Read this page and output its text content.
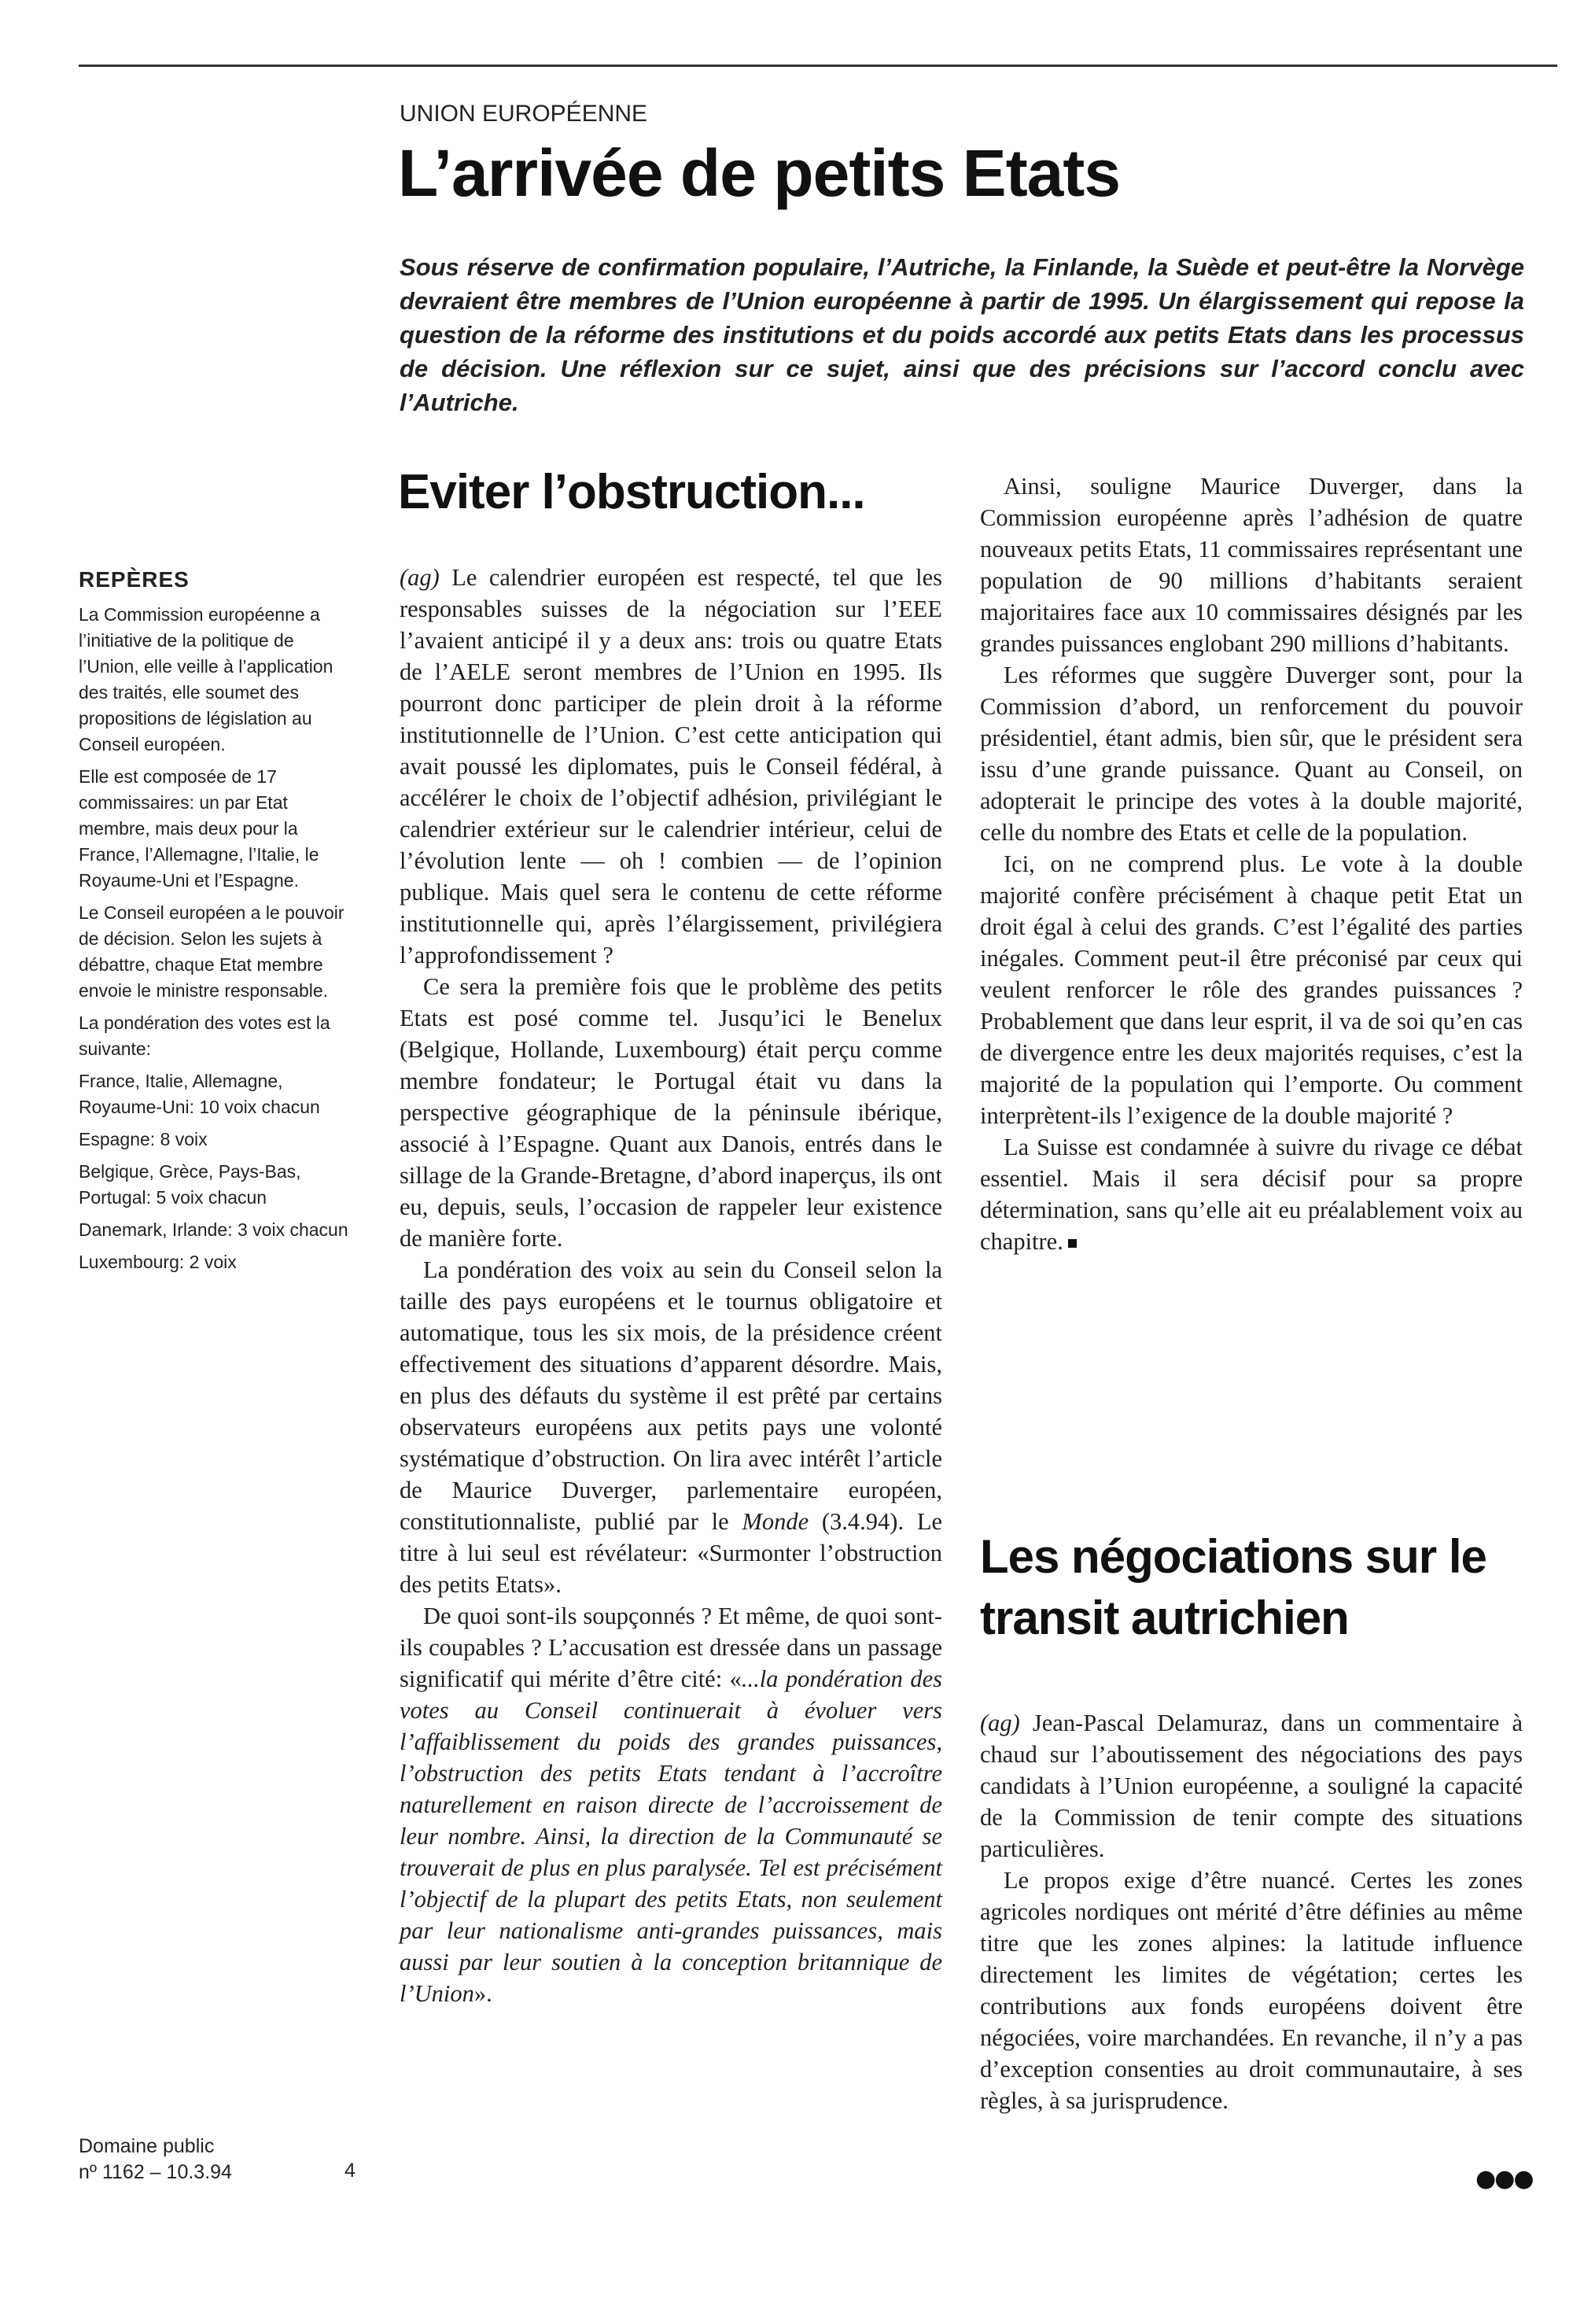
UNION EUROPÉENNE
L’arrivée de petits Etats

Sous réserve de confirmation populaire, l’Autriche, la Finlande, la Suède et peut-être la Norvège devraient être membres de l’Union européenne à partir de 1995. Un élargissement qui repose la question de la réforme des institutions et du poids accordé aux petits Etats dans les processus de décision. Une réflexion sur ce sujet, ainsi que des précisions sur l’accord conclu avec l’Autriche.

REPÈRES

La Commission européenne a l’initiative de la politique de l’Union, elle veille à l’application des traités, elle soumet des propositions de législation au Conseil européen.

Elle est composée de 17 commissaires: un par Etat membre, mais deux pour la France, l’Allemagne, l’Italie, le Royaume-Uni et l’Espagne.

Le Conseil européen a le pouvoir de décision. Selon les sujets à débattre, chaque Etat membre envoie le ministre responsable.

La pondération des votes est la suivante:

France, Italie, Allemagne, Royaume-Uni: 10 voix chacun

Espagne: 8 voix

Belgique, Grèce, Pays-Bas, Portugal: 5 voix chacun

Danemark, Irlande: 3 voix chacun

Luxembourg: 2 voix

Domaine public
nº 1162 – 10.3.94	4
Eviter l’obstruction...

(ag) Le calendrier européen est respecté, tel que les responsables suisses de la négociation sur l’EEE l’avaient anticipé il y a deux ans: trois ou quatre Etats de l’AELE seront membres de l’Union en 1995. Ils pourront donc participer de plein droit à la réforme institutionnelle de l’Union. C’est cette anticipation qui avait poussé les diplomates, puis le Conseil fédéral, à accélérer le choix de l’objectif adhésion, privilégiant le calendrier extérieur sur le calendrier intérieur, celui de l’évolution lente — oh ! combien — de l’opinion publique. Mais quel sera le contenu de cette réforme institutionnelle qui, après l’élargissement, privilégiera l’approfondissement ?

Ce sera la première fois que le problème des petits Etats est posé comme tel. Jusqu’ici le Benelux (Belgique, Hollande, Luxembourg) était perçu comme membre fondateur; le Portugal était vu dans la perspective géographique de la péninsule ibérique, associé à l’Espagne. Quant aux Danois, entrés dans le sillage de la Grande-Bretagne, d’abord inaperçus, ils ont eu, depuis, seuls, l’occasion de rappeler leur existence de manière forte.

La pondération des voix au sein du Conseil selon la taille des pays européens et le tournus obligatoire et automatique, tous les six mois, de la présidence créent effectivement des situations d’apparent désordre. Mais, en plus des défauts du système il est prêté par certains observateurs européens aux petits pays une volonté systématique d’obstruction. On lira avec intérêt l’article de Maurice Duverger, parlementaire européen, constitutionnaliste, publié par le Monde (3.4.94). Le titre à lui seul est révélateur: «Surmonter l’obstruction des petits Etats».

De quoi sont-ils soupçonnés ? Et même, de quoi sont-ils coupables ? L’accusation est dressée dans un passage significatif qui mérite d’être cité: «...la pondération des votes au Conseil continuerait à évoluer vers l’affaiblissement du poids des grandes puissances, l’obstruction des petits Etats tendant à l’accroître naturellement en raison directe de l’accroissement de leur nombre. Ainsi, la direction de la Communauté se trouverait de plus en plus paralysée. Tel est précisément l’objectif de la plupart des petits Etats, non seulement par leur nationalisme anti-grandes puissances, mais aussi par leur soutien à la conception britannique de l’Union».

Ainsi, souligne Maurice Duverger, dans la Commission européenne après l’adhésion de quatre nouveaux petits Etats, 11 commissaires représentant une population de 90 millions d’habitants seraient majoritaires face aux 10 commissaires désignés par les grandes puissances englobant 290 millions d’habitants.

Les réformes que suggère Duverger sont, pour la Commission d’abord, un renforcement du pouvoir présidentiel, étant admis, bien sûr, que le président sera issu d’une grande puissance. Quant au Conseil, on adopterait le principe des votes à la double majorité, celle du nombre des Etats et celle de la population.

Ici, on ne comprend plus. Le vote à la double majorité confère précisément à chaque petit Etat un droit égal à celui des grands. C’est l’égalité des parties inégales. Comment peut-il être préconisé par ceux qui veulent renforcer le rôle des grandes puissances ? Probablement que dans leur esprit, il va de soi qu’en cas de divergence entre les deux majorités requises, c’est la majorité de la population qui l’emporte. Ou comment interprètent-ils l’exigence de la double majorité ?

La Suisse est condamnée à suivre du rivage ce débat essentiel. Mais il sera décisif pour sa propre détermination, sans qu’elle ait eu préalablement voix au chapitre.

Les négociations sur le transit autrichien

(ag) Jean-Pascal Delamuraz, dans un commentaire à chaud sur l’aboutissement des négociations des pays candidats à l’Union européenne, a souligné la capacité de la Commission de tenir compte des situations particulières.

Le propos exige d’être nuancé. Certes les zones agricoles nordiques ont mérité d’être définies au même titre que les zones alpines: la latitude influence directement les limites de végétation; certes les contributions aux fonds européens doivent être négociées, voire marchandées. En revanche, il n’y a pas d’exception consenties au droit communautaire, à ses règles, à sa jurisprudence.

●●●
